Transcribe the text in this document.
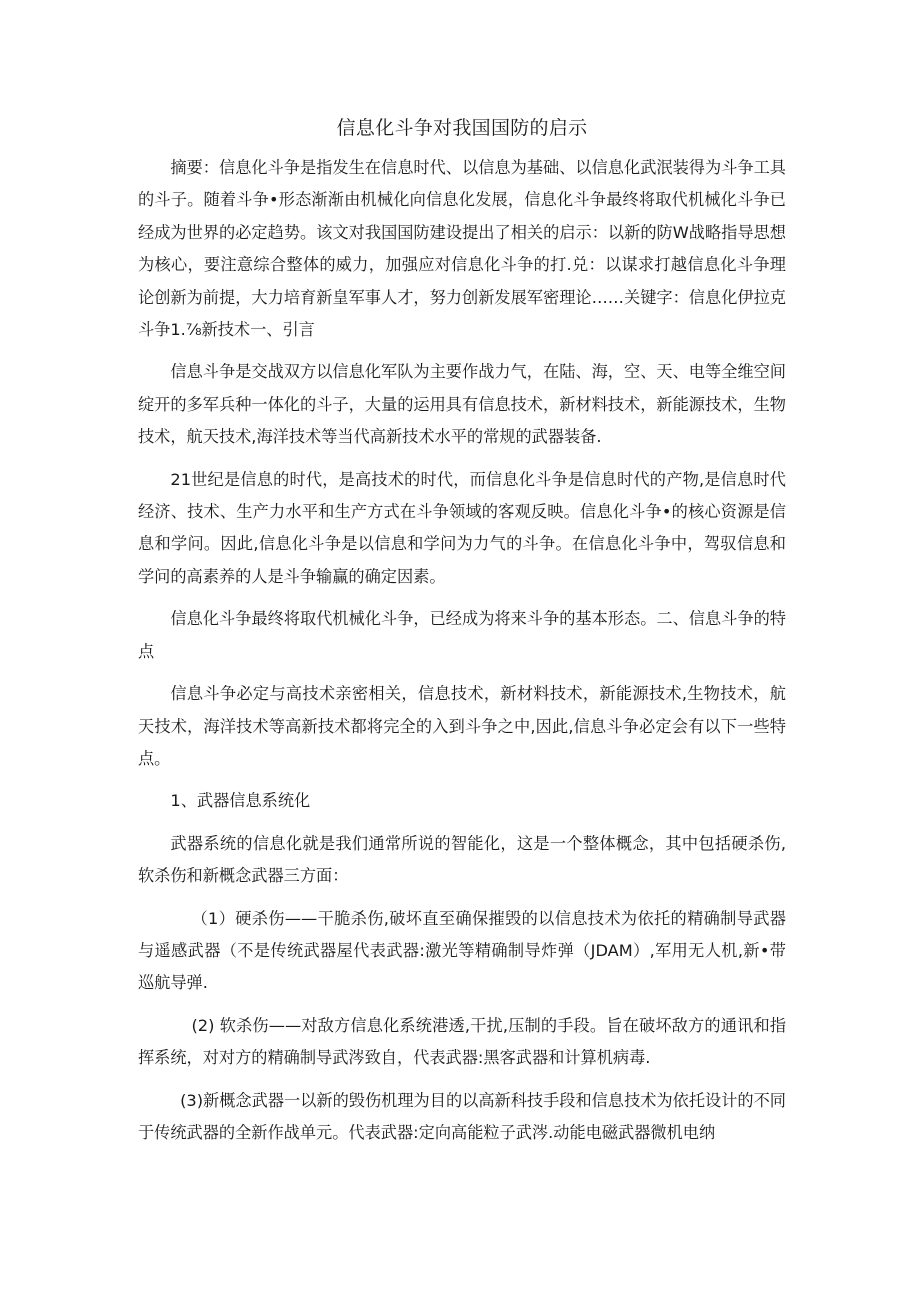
信息化斗争对我国国防的启示

摘要：信息化斗争是指发生在信息时代、以信息为基础、以信息化武泯装得为斗争工具的斗子。随着斗争•形态渐渐由机械化向信息化发展，信息化斗争最终将取代机械化斗争已经成为世界的必定趋势。该文对我国国防建设提出了相关的启示：以新的防W战略指导思想为核心，要注意综合整体的威力，加强应对信息化斗争的打.兑：以谋求打越信息化斗争理论创新为前提，大力培育新皇军事人才，努力创新发展军密理论……关键字：信息化伊拉克斗争1.⅞新技术一、引言

信息斗争是交战双方以信息化军队为主要作战力气，在陆、海，空、天、电等全维空间绽开的多军兵种一体化的斗子，大量的运用具有信息技术，新材料技术，新能源技术，生物技术，航天技术,海洋技术等当代高新技术水平的常规的武器装备.

21世纪是信息的时代，是高技术的时代，而信息化斗争是信息时代的产物,是信息时代经济、技术、生产力水平和生产方式在斗争领域的客观反映。信息化斗争•的核心资源是信息和学问。因此,信息化斗争是以信息和学问为力气的斗争。在信息化斗争中，驾驭信息和学问的高素养的人是斗争输赢的确定因素。

信息化斗争最终将取代机械化斗争，已经成为将来斗争的基本形态。二、信息斗争的特点

信息斗争必定与高技术亲密相关，信息技术，新材料技术，新能源技术,生物技术，航天技术，海洋技术等高新技术都将完全的入到斗争之中,因此,信息斗争必定会有以下一些特点。

1、武器信息系统化

武器系统的信息化就是我们通常所说的智能化，这是一个整体概念，其中包括硬杀伤,软杀伤和新概念武器三方面：

（1）硬杀伤——干脆杀伤,破坏直至确保摧毁的以信息技术为依托的精确制导武器与遥感武器（不是传统武器屋代表武器:激光等精确制导炸弹（JDAM）,军用无人机,新•带巡航导弹.

(2) 软杀伤——对敌方信息化系统港透,干扰,压制的手段。旨在破坏敌方的通讯和指挥系统，对对方的精确制导武涔致自，代表武器:黑客武器和计算机病毒.

(3)新概念武器一以新的毁伤机理为目的以高新科技手段和信息技术为依托设计的不同于传统武器的全新作战单元。代表武器:定向高能粒子武涔.动能电磁武器微机电纳
